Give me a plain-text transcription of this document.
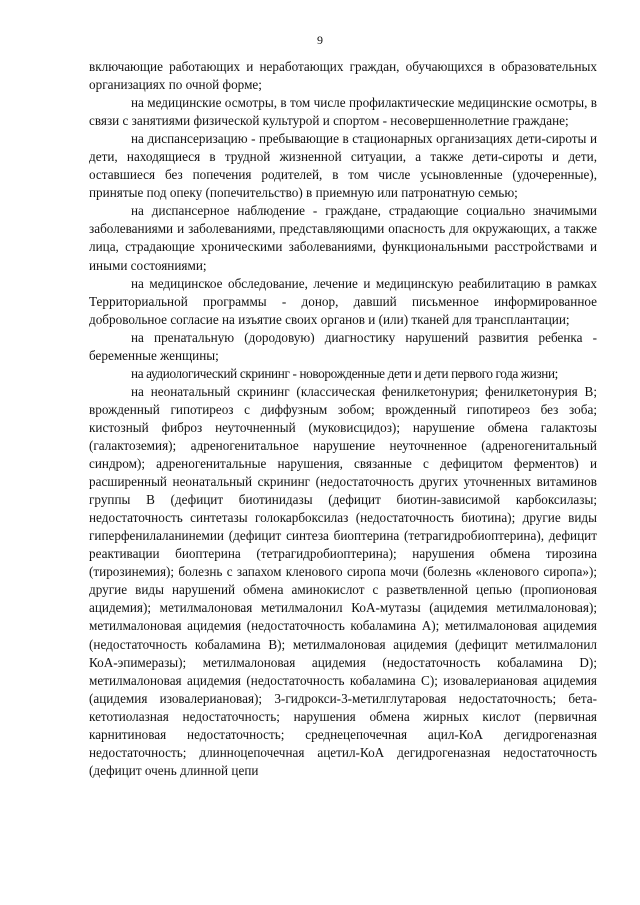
9

включающие работающих и неработающих граждан, обучающихся в образовательных организациях по очной форме;

на медицинские осмотры, в том числе профилактические медицинские осмотры, в связи с занятиями физической культурой и спортом - несовершеннолетние граждане;

на диспансеризацию - пребывающие в стационарных организациях дети-сироты и дети, находящиеся в трудной жизненной ситуации, а также дети-сироты и дети, оставшиеся без попечения родителей, в том числе усыновленные (удочеренные), принятые под опеку (попечительство) в приемную или патронатную семью;

на диспансерное наблюдение - граждане, страдающие социально значимыми заболеваниями и заболеваниями, представляющими опасность для окружающих, а также лица, страдающие хроническими заболеваниями, функциональными расстройствами и иными состояниями;

на медицинское обследование, лечение и медицинскую реабилитацию в рамках Территориальной программы - донор, давший письменное информированное добровольное согласие на изъятие своих органов и (или) тканей для трансплантации;

на пренатальную (дородовую) диагностику нарушений развития ребенка - беременные женщины;

на аудиологический скрининг - новорожденные дети и дети первого года жизни;

на неонатальный скрининг (классическая фенилкетонурия; фенилкетонурия B; врожденный гипотиреоз с диффузным зобом; врожденный гипотиреоз без зоба; кистозный фиброз неуточненный (муковисцидоз); нарушение обмена галактозы (галактоземия); адреногенитальное нарушение неуточненное (адреногенитальный синдром); адреногенитальные нарушения, связанные с дефицитом ферментов) и расширенный неонатальный скрининг (недостаточность других уточненных витаминов группы B (дефицит биотинидазы (дефицит биотин-зависимой карбоксилазы; недостаточность синтетазы голокарбоксилаз (недостаточность биотина); другие виды гиперфенилаланинемии (дефицит синтеза биоптерина (тетрагидробиоптерина), дефицит реактивации биоптерина (тетрагидробиоптерина); нарушения обмена тирозина (тирозинемия); болезнь с запахом кленового сиропа мочи (болезнь «кленового сиропа»); другие виды нарушений обмена аминокислот с разветвленной цепью (пропионовая ацидемия); метилмалоновая метилмалонил КоА-мутазы (ацидемия метилмалоновая); метилмалоновая ацидемия (недостаточность кобаламина A); метилмалоновая ацидемия (недостаточность кобаламина B); метилмалоновая ацидемия (дефицит метилмалонил КоА-эпимеразы); метилмалоновая ацидемия (недостаточность кобаламина D); метилмалоновая ацидемия (недостаточность кобаламина C); изовалериановая ацидемия (ацидемия изовалериановая); 3-гидрокси-3-метилглутаровая недостаточность; бета-кетотиолазная недостаточность; нарушения обмена жирных кислот (первичная карнитиновая недостаточность; среднецепочечная ацил-КоА дегидрогеназная недостаточность; длинноцепочечная ацетил-КоА дегидрогеназная недостаточность (дефицит очень длинной цепи
